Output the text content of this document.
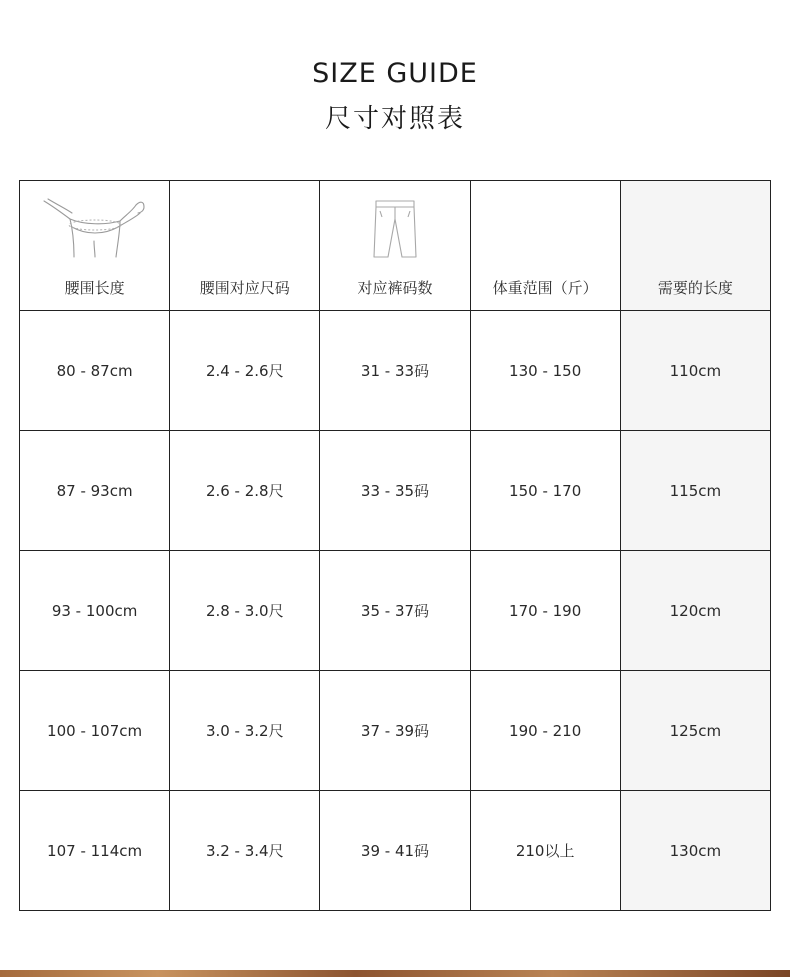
SIZE GUIDE
尺寸对照表
腰围长度	腰围对应尺码	对应裤码数	体重范围（斤）	需要的长度

80 - 87cm	2.4 - 2.6尺	31 - 33码	130 - 150	110cm
87 - 93cm	2.6 - 2.8尺	33 - 35码	150 - 170	115cm
93 - 100cm	2.8 - 3.0尺	35 - 37码	170 - 190	120cm
100 - 107cm	3.0 - 3.2尺	37 - 39码	190 - 210	125cm
107 - 114cm	3.2 - 3.4尺	39 - 41码	210以上	130cm
